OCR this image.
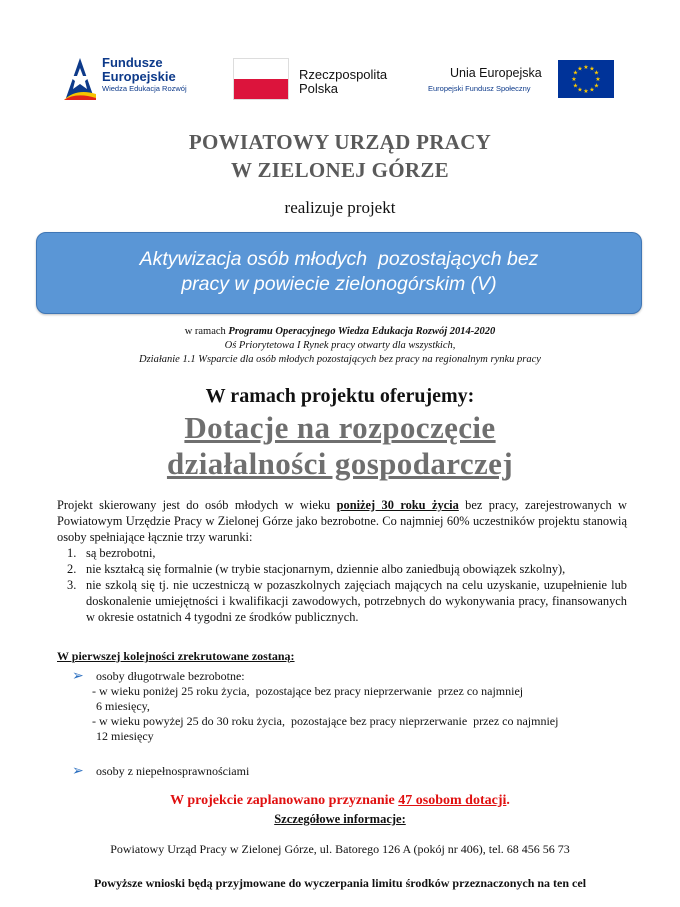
Fundusze
Europejskie
Wiedza Edukacja Rozwój
Rzeczpospolita
Polska
Unia Europejska
Europejski Fundusz Społeczny
★ ★
★
★
★
★
★
★
★
★
★
★
POWIATOWY URZĄD PRACY
W ZIELONEJ GÓRZE
realizuje projekt
Aktywizacja osób młodych  pozostających bez
pracy w powiecie zielonogórskim (V)
w ramach Programu Operacyjnego Wiedza Edukacja Rozwój 2014-2020
Oś Priorytetowa I Rynek pracy otwarty dla wszystkich,
Działanie 1.1 Wsparcie dla osób młodych pozostających bez pracy na regionalnym rynku pracy
W ramach projektu oferujemy:
Dotacje na rozpoczęcie
działalności gospodarczej
Projekt skierowany jest do osób młodych w wieku poniżej 30 roku życia bez pracy, zarejestrowanych w Powiatowym Urzędzie Pracy w Zielonej Górze jako bezrobotne. Co najmniej 60% uczestników projektu stanowią osoby spełniające łącznie trzy warunki:
1. są bezrobotni,
2. nie kształcą się formalnie (w trybie stacjonarnym, dziennie albo zaniedbują obowiązek szkolny),
3. nie szkolą się tj. nie uczestniczą w pozaszkolnych zajęciach mających na celu uzyskanie, uzupełnienie lub doskonalenie umiejętności i kwalifikacji zawodowych, potrzebnych do wykonywania pracy, finansowanych w okresie ostatnich 4 tygodni ze środków publicznych.
W pierwszej kolejności zrekrutowane zostaną:
➢ osoby długotrwale bezrobotne:
- w wieku poniżej 25 roku życia,  pozostające bez pracy nieprzerwanie  przez co najmniej
6 miesięcy,
- w wieku powyżej 25 do 30 roku życia,  pozostające bez pracy nieprzerwanie  przez co najmniej
12 miesięcy
➢ osoby z niepełnosprawnościami
W projekcie zaplanowano przyznanie 47 osobom dotacji.
Szczegółowe informacje:
Powiatowy Urząd Pracy w Zielonej Górze, ul. Batorego 126 A (pokój nr 406), tel. 68 456 56 73
Powyższe wnioski będą przyjmowane do wyczerpania limitu środków przeznaczonych na ten cel
